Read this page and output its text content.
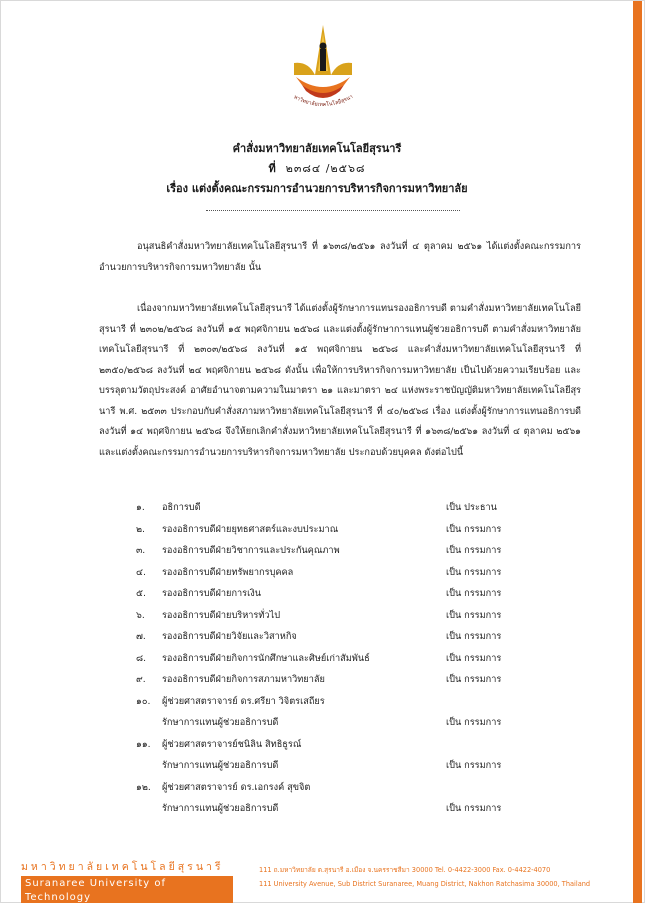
หาวิทยาลัยเทคโนโลยีสุรนา
คำสั่งมหาวิทยาลัยเทคโนโลยีสุรนารี
ที่ ๒๓๘๔ /๒๕๖๘
เรื่อง แต่งตั้งคณะกรรมการอำนวยการบริหารกิจการมหาวิทยาลัย
อนุสนธิคำสั่งมหาวิทยาลัยเทคโนโลยีสุรนารี ที่ ๑๖๓๘/๒๕๖๑ ลงวันที่ ๔ ตุลาคม ๒๕๖๑ ได้แต่งตั้งคณะกรรมการอำนวยการบริหารกิจการมหาวิทยาลัย นั้น
เนื่องจากมหาวิทยาลัยเทคโนโลยีสุรนารี ได้แต่งตั้งผู้รักษาการแทนรองอธิการบดี ตามคำสั่งมหาวิทยาลัยเทคโนโลยีสุรนารี ที่ ๒๓๐๒/๒๕๖๘ ลงวันที่ ๑๕ พฤศจิกายน ๒๕๖๘ และแต่งตั้งผู้รักษาการแทนผู้ช่วยอธิการบดี ตามคำสั่งมหาวิทยาลัยเทคโนโลยีสุรนารี ที่ ๒๓๐๓/๒๕๖๘ ลงวันที่ ๑๕ พฤศจิกายน ๒๕๖๘ และคำสั่งมหาวิทยาลัยเทคโนโลยีสุรนารี ที่ ๒๓๕๐/๒๕๖๘ ลงวันที่ ๒๔ พฤศจิกายน ๒๕๖๘ ดังนั้น เพื่อให้การบริหารกิจการมหาวิทยาลัย เป็นไปด้วยความเรียบร้อย และบรรลุตามวัตถุประสงค์ อาศัยอำนาจตามความในมาตรา ๒๑ และมาตรา ๒๔ แห่งพระราชบัญญัติมหาวิทยาลัยเทคโนโลยีสุรนารี พ.ศ. ๒๕๓๓ ประกอบกับคำสั่งสภามหาวิทยาลัยเทคโนโลยีสุรนารี ที่ ๔๐/๒๕๖๘ เรื่อง แต่งตั้งผู้รักษาการแทนอธิการบดี ลงวันที่ ๑๔ พฤศจิกายน ๒๕๖๘ จึงให้ยกเลิกคำสั่งมหาวิทยาลัยเทคโนโลยีสุรนารี ที่ ๑๖๓๘/๒๕๖๑ ลงวันที่ ๔ ตุลาคม ๒๕๖๑ และแต่งตั้งคณะกรรมการอำนวยการบริหารกิจการมหาวิทยาลัย ประกอบด้วยบุคคล ดังต่อไปนี้
๑.	อธิการบดี	เป็น ประธาน
๒.	รองอธิการบดีฝ่ายยุทธศาสตร์และงบประมาณ	เป็น กรรมการ
๓.	รองอธิการบดีฝ่ายวิชาการและประกันคุณภาพ	เป็น กรรมการ
๔.	รองอธิการบดีฝ่ายทรัพยากรบุคคล	เป็น กรรมการ
๕.	รองอธิการบดีฝ่ายการเงิน	เป็น กรรมการ
๖.	รองอธิการบดีฝ่ายบริหารทั่วไป	เป็น กรรมการ
๗.	รองอธิการบดีฝ่ายวิจัยและวิสาหกิจ	เป็น กรรมการ
๘.	รองอธิการบดีฝ่ายกิจการนักศึกษาและศิษย์เก่าสัมพันธ์	เป็น กรรมการ
๙.	รองอธิการบดีฝ่ายกิจการสภามหาวิทยาลัย	เป็น กรรมการ
๑๐.	ผู้ช่วยศาสตราจารย์ ดร.ศรียา วิจิตรเสถียร
รักษาการแทนผู้ช่วยอธิการบดี	เป็น กรรมการ
๑๑.	ผู้ช่วยศาสตราจารย์ชนิลิน สิทธิธูรณ์
รักษาการแทนผู้ช่วยอธิการบดี	เป็น กรรมการ
๑๒.	ผู้ช่วยศาสตราจารย์ ดร.เอกรงค์ สุขจิต
รักษาการแทนผู้ช่วยอธิการบดี	เป็น กรรมการ
มหาวิทยาลัยเทคโนโลยีสุรนารี
Suranaree University of Technology
111 ถ.มหาวิทยาลัย ต.สุรนารี อ.เมือง จ.นครราชสีมา 30000 Tel. 0-4422-3000 Fax. 0-4422-4070
111 University Avenue, Sub District Suranaree, Muang District, Nakhon Ratchasima 30000, Thailand
